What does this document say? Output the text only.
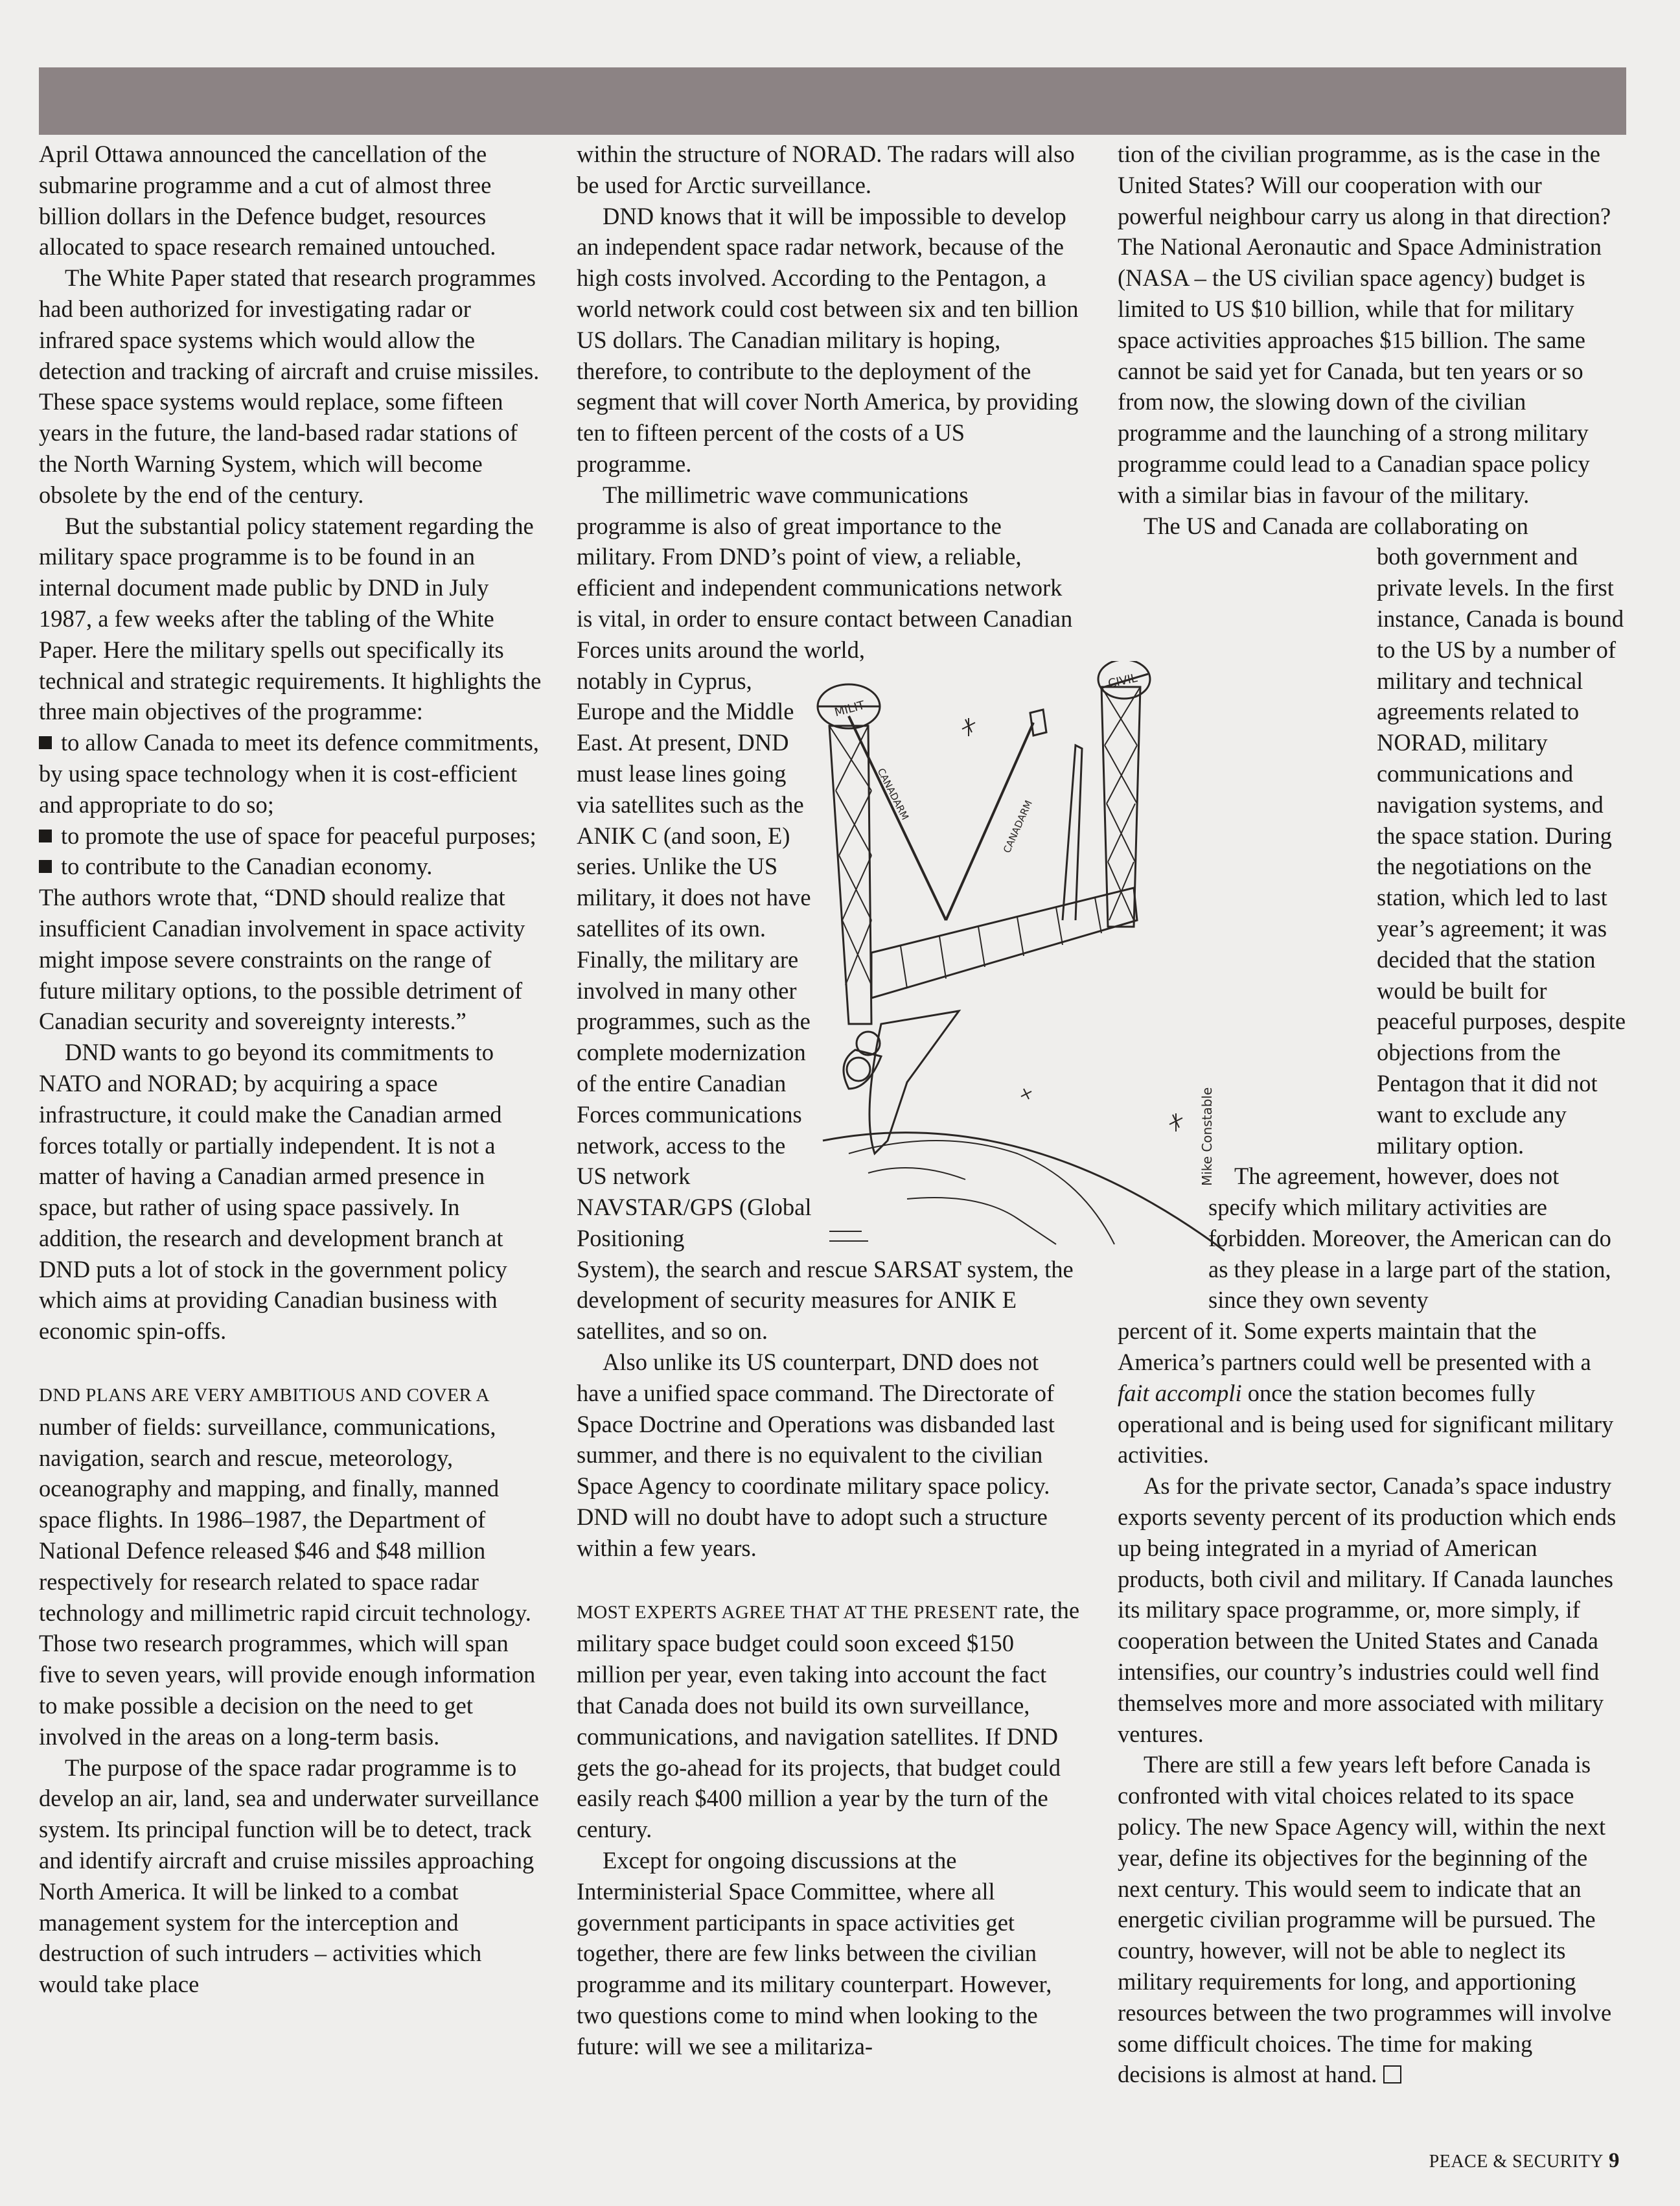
April Ottawa announced the cancellation of the submarine programme and a cut of almost three billion dollars in the Defence budget, resources allocated to space research remained untouched.

The White Paper stated that research programmes had been authorized for investigating radar or infrared space systems which would allow the detection and tracking of aircraft and cruise missiles. These space systems would replace, some fifteen years in the future, the land-based radar stations of the North Warning System, which will become obsolete by the end of the century.

But the substantial policy statement regarding the military space programme is to be found in an internal document made public by DND in July 1987, a few weeks after the tabling of the White Paper. Here the military spells out specifically its technical and strategic requirements. It highlights the three main objectives of the programme:

to allow Canada to meet its defence commitments, by using space technology when it is cost-efficient and appropriate to do so;

to promote the use of space for peaceful purposes;

to contribute to the Canadian economy.

The authors wrote that, “DND should realize that insufficient Canadian involvement in space activity might impose severe constraints on the range of future military options, to the possible detriment of Canadian security and sovereignty interests.”

DND wants to go beyond its commitments to NATO and NORAD; by acquiring a space infrastructure, it could make the Canadian armed forces totally or partially independent. It is not a matter of having a Canadian armed presence in space, but rather of using space passively. In addition, the research and development branch at DND puts a lot of stock in the government policy which aims at providing Canadian business with economic spin-offs.

DND PLANS ARE VERY AMBITIOUS AND COVER A number of fields: surveillance, communications, navigation, search and rescue, meteorology, oceanography and mapping, and finally, manned space flights. In 1986–1987, the Department of National Defence released $46 and $48 million respectively for research related to space radar technology and millimetric rapid circuit technology. Those two research programmes, which will span five to seven years, will provide enough information to make possible a decision on the need to get involved in the areas on a long-term basis.

The purpose of the space radar programme is to develop an air, land, sea and underwater surveillance system. Its principal function will be to detect, track and identify aircraft and cruise missiles approaching North America. It will be linked to a combat management system for the interception and destruction of such intruders – activities which would take place

within the structure of NORAD. The radars will also be used for Arctic surveillance.

DND knows that it will be impossible to develop an independent space radar network, because of the high costs involved. According to the Pentagon, a world network could cost between six and ten billion US dollars. The Canadian military is hoping, therefore, to contribute to the deployment of the segment that will cover North America, by providing ten to fifteen percent of the costs of a US programme.

The millimetric wave communications programme is also of great importance to the military. From DND’s point of view, a reliable, efficient and independent communications network is vital, in order to ensure contact between Canadian Forces units around the world,

notably in Cyprus, Europe and the Middle East. At present, DND must lease lines going via satellites such as the ANIK C (and soon, E) series. Unlike the US military, it does not have satellites of its own. Finally, the military are involved in many other programmes, such as the complete modernization of the entire Canadian Forces communications network, access to the US network NAVSTAR/GPS (Global Positioning

System), the search and rescue SARSAT system, the development of security measures for ANIK E satellites, and so on.

Also unlike its US counterpart, DND does not have a unified space command. The Directorate of Space Doctrine and Operations was disbanded last summer, and there is no equivalent to the civilian Space Agency to coordinate military space policy. DND will no doubt have to adopt such a structure within a few years.

MOST EXPERTS AGREE THAT AT THE PRESENT rate, the military space budget could soon exceed $150 million per year, even taking into account the fact that Canada does not build its own surveillance, communications, and navigation satellites. If DND gets the go-ahead for its projects, that budget could easily reach $400 million a year by the turn of the century.

Except for ongoing discussions at the Interministerial Space Committee, where all government participants in space activities get together, there are few links between the civilian programme and its military counterpart. However, two questions come to mind when looking to the future: will we see a militariza-

tion of the civilian programme, as is the case in the United States? Will our cooperation with our powerful neighbour carry us along in that direction? The National Aeronautic and Space Administration (NASA – the US civilian space agency) budget is limited to US $10 billion, while that for military space activities approaches $15 billion. The same cannot be said yet for Canada, but ten years or so from now, the slowing down of the civilian programme and the launching of a strong military programme could lead to a Canadian space policy with a similar bias in favour of the military.

The US and Canada are collaborating on

both government and private levels. In the first instance, Canada is bound to the US by a number of military and technical agreements related to NORAD, military communications and navigation systems, and the space station. During the negotiations on the station, which led to last year’s agreement; it was decided that the station would be built for peaceful purposes, despite objections from the Pentagon that it did not want to exclude any military option.

The agreement, however, does not specify which military activities are forbidden. Moreover, the American can do as they please in a large part of the station, since they own seventy

percent of it. Some experts maintain that the America’s partners could well be presented with a fait accompli once the station becomes fully operational and is being used for significant military activities.

As for the private sector, Canada’s space industry exports seventy percent of its production which ends up being integrated in a myriad of American products, both civil and military. If Canada launches its military space programme, or, more simply, if cooperation between the United States and Canada intensifies, our country’s industries could well find themselves more and more associated with military ventures.

There are still a few years left before Canada is confronted with vital choices related to its space policy. The new Space Agency will, within the next year, define its objectives for the beginning of the next century. This would seem to indicate that an energetic civilian programme will be pursued. The country, however, will not be able to neglect its military requirements for long, and apportioning resources between the two programmes will involve some difficult choices. The time for making decisions is almost at hand.

MILIT
CIVIL
CANADARM
CANADARM
Mike Constable
PEACE & SECURITY 9
